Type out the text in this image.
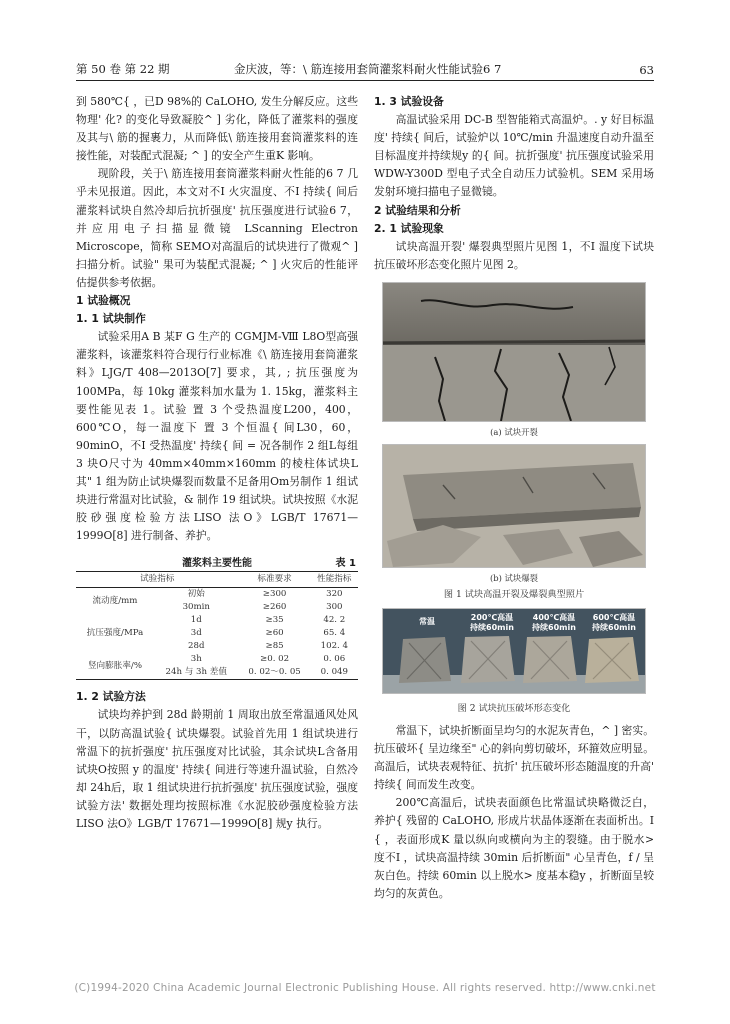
第 50 卷 第 22 期	金庆波，等：\ 筋连接用套筒灌浆料耐火性能试验6 7	63

到 580℃{ ，已D 98%的 CaLOHO, 发生分解反应。这些物理' 化? 的变化导致凝胶^ ] 劣化，降低了灌浆料的强度及其与\ 筋的握裹力，从而降低\ 筋连接用套筒灌浆料的连接性能，对装配式混凝; ^ ] 的安全产生重K 影响。

现阶段，关于\ 筋连接用套筒灌浆料耐火性能的6 7 几乎未见报道。因此，本文对不I 火灾温度、不I 持续{ 间后灌浆料试块自然冷却后抗折强度' 抗压强度进行试验6 7，并应用电子扫描显微镜 LScanning Electron Microscope，简称 SEMO对高温后的试块进行了微观^ ] 扫描分析。试验" 果可为装配式混凝; ^ ] 火灾后的性能评估提供参考依据。

1 试验概况
1. 1 试块制作

试验采用A B 某F G 生产的 CGMJM-Ⅷ L8O型高强灌浆料，该灌浆料符合现行行业标准《\ 筋连接用套筒灌浆料》LJG/T 408—2013O[7] 要求，其, ; 抗压强度为 100MPa，每 10kg 灌浆料加水量为 1. 15kg，灌浆料主要性能见表 1。试验 置 3 个受热温度L200，400，600℃O，每一温度下 置 3 个恒温{ 间L30，60，90minO，不I 受热温度' 持续{ 间 = 况各制作 2 组L每组 3 块O尺寸为 40mm×40mm×160mm 的棱柱体试块L其" 1 组为防止试块爆裂而数量不足备用Om另制作 1 组试块进行常温对比试验，& 制作 19 组试块。试块按照《水泥胶砂强度检验方法LISO 法O》LGB/T 17671—1999O[8] 进行制备、养护。

灌浆料主要性能	表 1
试验指标		标准要求	性能指标
流动度/mm	初始	≥300	320
	30min	≥260	300
抗压强度/MPa	1d	≥35	42. 2
	3d	≥60	65. 4
	28d	≥85	102. 4
竖向膨胀率/%	3h	≥0. 02	0. 06
	24h 与 3h 差值	0. 02～0. 05	0. 049
1. 2 试验方法

试块均养护到 28d 龄期前 1 周取出放至常温通风处风干，以防高温试验{ 试块爆裂。试验首先用 1 组试块进行常温下的抗折强度' 抗压强度对比试验，其余试块L含备用试块O按照 y 的温度' 持续{ 间进行等速升温试验，自然冷却 24h后，取 1 组试块进行抗折强度' 抗压强度试验，强度试验方法' 数据处理均按照标准《水泥胶砂强度检验方法LISO 法O》LGB/T 17671—1999O[8] 规y 执行。

1. 3 试验设备

高温试验采用 DC-B 型智能箱式高温炉。. y 好目标温度' 持续{ 间后，试验炉以 10℃/min 升温速度自动升温至目标温度并持续规y 的{ 间。抗折强度' 抗压强度试验采用 WDW-Y300D 型电子式全自动压力试验机。SEM 采用场发射环境扫描电子显微镜。

2 试验结果和分析
2. 1 试验现象

试块高温开裂' 爆裂典型照片见图 1，不I 温度下试块抗压破坏形态变化照片见图 2。

(a) 试块开裂
(b) 试块爆裂
图 1 试块高温开裂及爆裂典型照片
常温	200℃高温
持续60min
400℃高温
持续60min
600℃高温
持续60min
图 2 试块抗压破坏形态变化

常温下，试块折断面呈均匀的水泥灰青色，^ ] 密实。抗压破坏{ 呈边缘至" 心的斜向剪切破坏，环箍效应明显。高温后，试块表观特征、抗折' 抗压破坏形态随温度的升高' 持续{ 间而发生改变。

200℃高温后，试块表面颜色比常温试块略微泛白，养护{ 残留的 CaLOHO, 形成片状晶体逐渐在表面析出。I { ，表面形成K 量以纵向或横向为主的裂缝。由于脱水> 度不I ，试块高温持续 30min 后折断面" 心呈青色，f / 呈灰白色。持续 60min 以上脱水> 度基本稳y ，折断面呈较均匀的灰黄色。

(C)1994-2020 China Academic Journal Electronic Publishing House. All rights reserved. http://www.cnki.net
